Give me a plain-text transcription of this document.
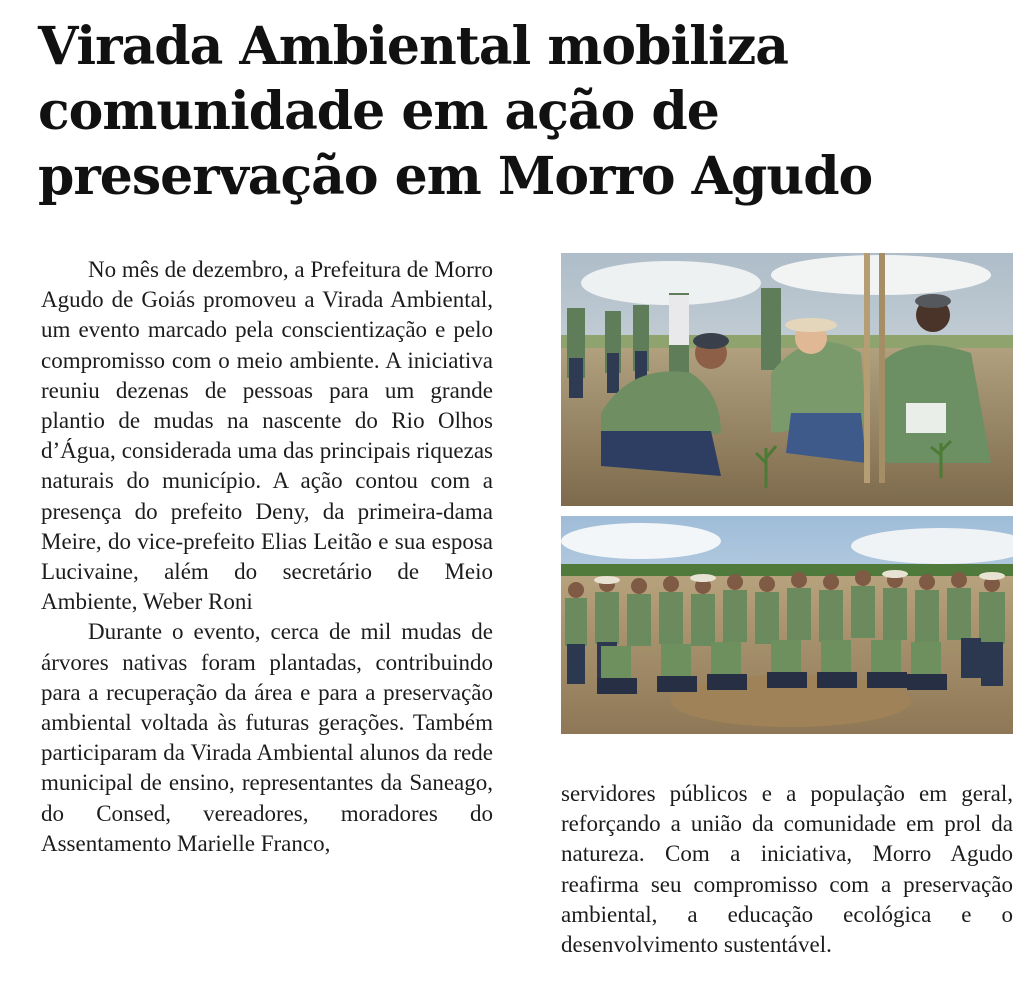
Virada Ambiental mobiliza comunidade em ação de preservação em Morro Agudo

No mês de dezembro, a Prefeitura de Morro Agudo de Goiás promoveu a Virada Ambiental, um evento marcado pela conscientização e pelo compromisso com o meio ambiente. A iniciativa reuniu dezenas de pessoas para um grande plantio de mudas na nascente do Rio Olhos d’Água, considerada uma das principais riquezas naturais do município. A ação contou com a presença do prefeito Deny, da primeira-dama Meire, do vice-prefeito Elias Leitão e sua esposa Lucivaine, além do secretário de Meio Ambiente, Weber Roni

Durante o evento, cerca de mil mudas de árvores nativas foram plantadas, contribuindo para a recuperação da área e para a preservação ambiental voltada às futuras gerações. Também participaram da Virada Ambiental alunos da rede municipal de ensino, representantes da Saneago, do Consed, vereadores, moradores do Assentamento Marielle Franco,

servidores públicos e a população em geral, reforçando a união da comunidade em prol da natureza. Com a iniciativa, Morro Agudo reafirma seu compromisso com a preservação ambiental, a educação ecológica e o desenvolvimento sustentável.
